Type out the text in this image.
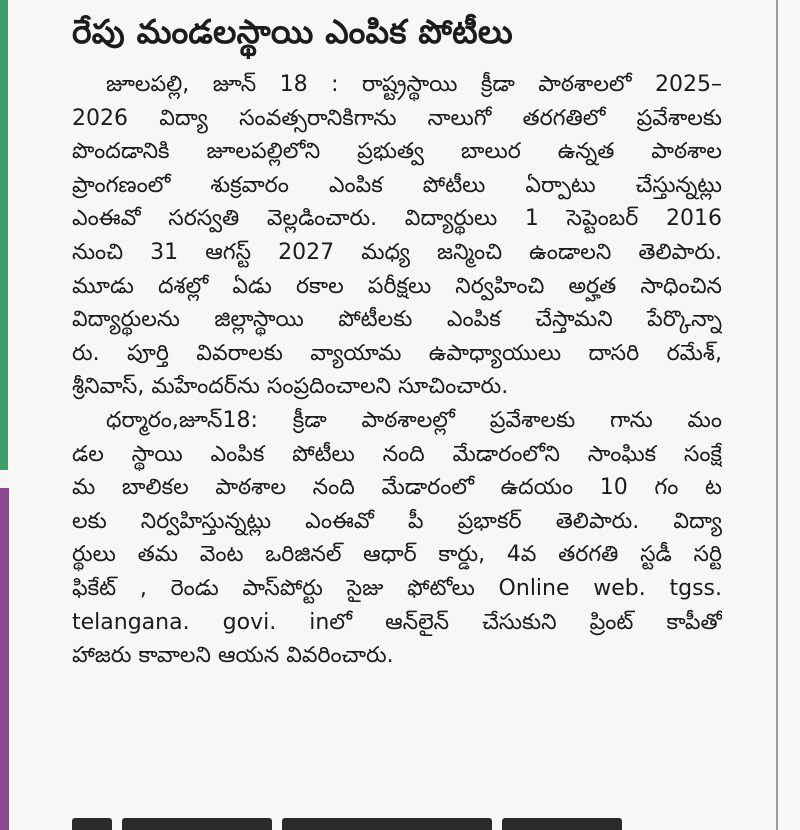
రేపు మండలస్థాయి ఎంపిక పోటీలు
జూలపల్లి, జూన్ 18 : రాష్ట్రస్థాయి క్రీడా పాఠశాలలో 2025–
2026 విద్యా సంవత్సరానికిగాను నాలుగో తరగతిలో ప్రవేశాలకు
పొందడానికి జూలపల్లిలోని ప్రభుత్వ బాలుర ఉన్నత పాఠశాల
ప్రాంగణంలో శుక్రవారం ఎంపిక పోటీలు ఏర్పాటు చేస్తున్నట్లు
ఎంఈవో సరస్వతి వెల్లడించారు. విద్యార్థులు 1 సెప్టెంబర్ 2016
నుంచి 31 ఆగస్ట్ 2027 మధ్య జన్మించి ఉండాలని తెలిపారు.
మూడు దశల్లో ఏడు రకాల పరీక్షలు నిర్వహించి అర్హత సాధించిన
విద్యార్థులను జిల్లాస్థాయి పోటీలకు ఎంపిక చేస్తామని పేర్కొన్నా
రు. పూర్తి వివరాలకు వ్యాయామ ఉపాధ్యాయులు దాసరి రమేశ్,
శ్రీనివాస్, మహేందర్‌ను సంప్రదించాలని సూచించారు.
ధర్మారం,జూన్18: క్రీడా పాఠశాలల్లో ప్రవేశాలకు గాను మం
డల స్థాయి ఎంపిక పోటీలు నంది మేడారంలోని సాంఘిక సంక్షే
మ బాలికల పాఠశాల నంది మేడారంలో ఉదయం 10 గం ట
లకు నిర్వహిస్తున్నట్లు ఎంఈవో పీ ప్రభాకర్ తెలిపారు. విద్యా
ర్థులు తమ వెంట ఒరిజినల్ ఆధార్ కార్డు, 4వ తరగతి స్టడీ సర్టి
ఫికేట్ , రెండు పాస్‌పోర్టు సైజు ఫోటోలు Online web. tgss.
telangana. govi. inలో ఆన్‌లైన్ చేసుకుని ప్రింట్ కాపీతో
హాజరు కావాలని ఆయన వివరించారు.
